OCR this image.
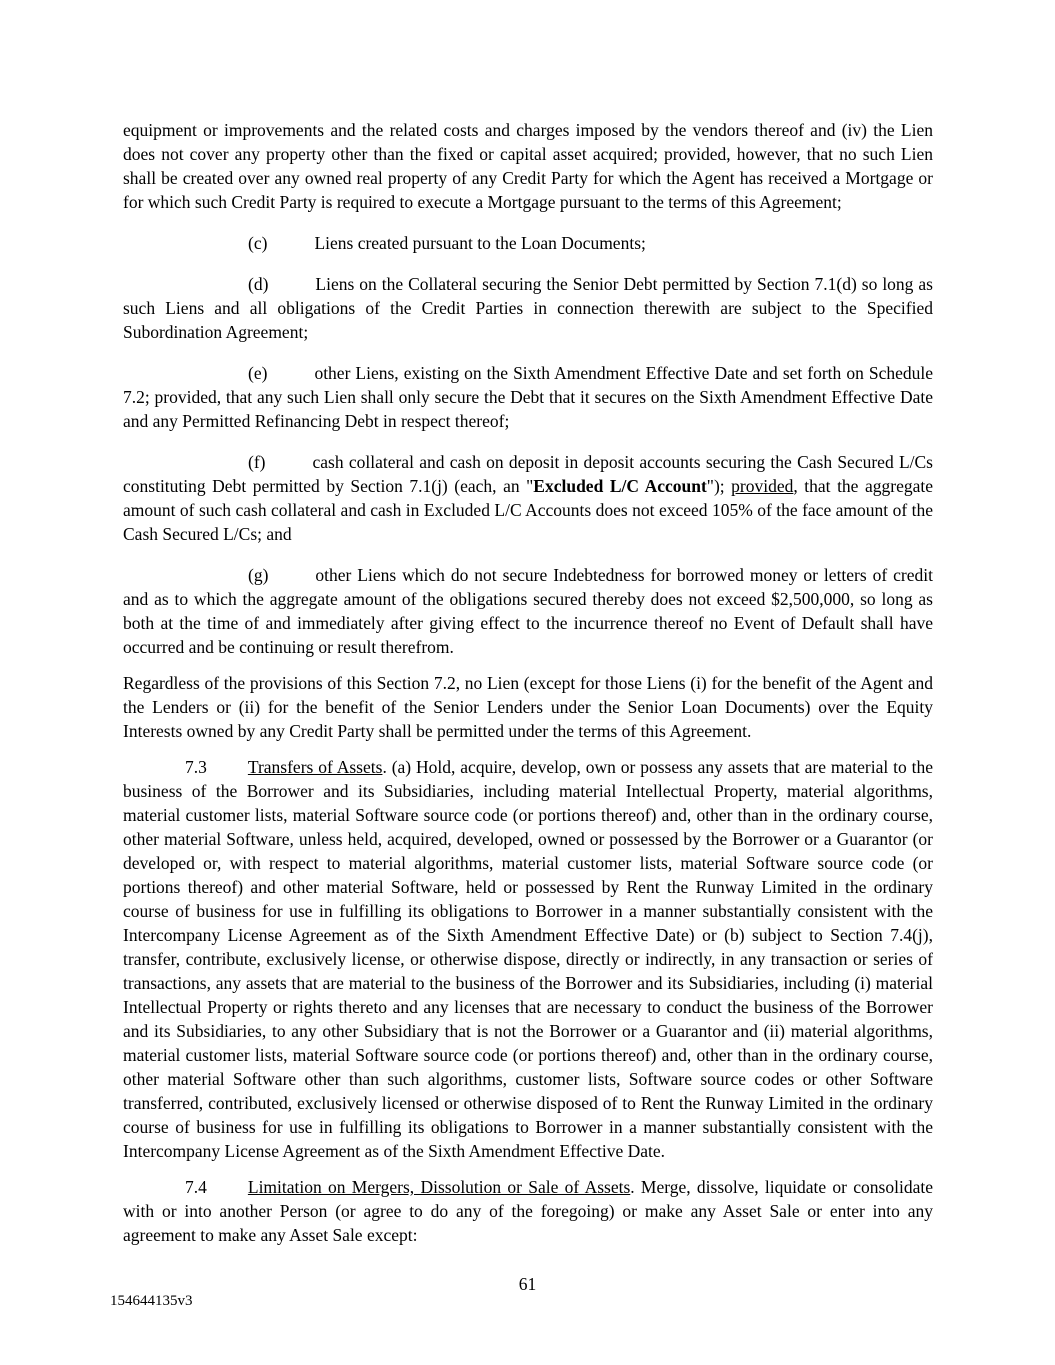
equipment or improvements and the related costs and charges imposed by the vendors thereof and (iv) the Lien does not cover any property other than the fixed or capital asset acquired; provided, however, that no such Lien shall be created over any owned real property of any Credit Party for which the Agent has received a Mortgage or for which such Credit Party is required to execute a Mortgage pursuant to the terms of this Agreement;

(c)	Liens created pursuant to the Loan Documents;

(d)	Liens on the Collateral securing the Senior Debt permitted by Section 7.1(d) so long as such Liens and all obligations of the Credit Parties in connection therewith are subject to the Specified Subordination Agreement;

(e)	other Liens, existing on the Sixth Amendment Effective Date and set forth on Schedule 7.2; provided, that any such Lien shall only secure the Debt that it secures on the Sixth Amendment Effective Date and any Permitted Refinancing Debt in respect thereof;

(f)	cash collateral and cash on deposit in deposit accounts securing the Cash Secured L/Cs constituting Debt permitted by Section 7.1(j) (each, an "Excluded L/C Account"); provided, that the aggregate amount of such cash collateral and cash in Excluded L/C Accounts does not exceed 105% of the face amount of the Cash Secured L/Cs; and

(g)	other Liens which do not secure Indebtedness for borrowed money or letters of credit and as to which the aggregate amount of the obligations secured thereby does not exceed $2,500,000, so long as both at the time of and immediately after giving effect to the incurrence thereof no Event of Default shall have occurred and be continuing or result therefrom.

Regardless of the provisions of this Section 7.2, no Lien (except for those Liens (i) for the benefit of the Agent and the Lenders or (ii) for the benefit of the Senior Lenders under the Senior Loan Documents) over the Equity Interests owned by any Credit Party shall be permitted under the terms of this Agreement.

7.3 Transfers of Assets. (a) Hold, acquire, develop, own or possess any assets that are material to the business of the Borrower and its Subsidiaries, including material Intellectual Property, material algorithms, material customer lists, material Software source code (or portions thereof) and, other than in the ordinary course, other material Software, unless held, acquired, developed, owned or possessed by the Borrower or a Guarantor (or developed or, with respect to material algorithms, material customer lists, material Software source code (or portions thereof) and other material Software, held or possessed by Rent the Runway Limited in the ordinary course of business for use in fulfilling its obligations to Borrower in a manner substantially consistent with the Intercompany License Agreement as of the Sixth Amendment Effective Date) or (b) subject to Section 7.4(j), transfer, contribute, exclusively license, or otherwise dispose, directly or indirectly, in any transaction or series of transactions, any assets that are material to the business of the Borrower and its Subsidiaries, including (i) material Intellectual Property or rights thereto and any licenses that are necessary to conduct the business of the Borrower and its Subsidiaries, to any other Subsidiary that is not the Borrower or a Guarantor and (ii) material algorithms, material customer lists, material Software source code (or portions thereof) and, other than in the ordinary course, other material Software other than such algorithms, customer lists, Software source codes or other Software transferred, contributed, exclusively licensed or otherwise disposed of to Rent the Runway Limited in the ordinary course of business for use in fulfilling its obligations to Borrower in a manner substantially consistent with the Intercompany License Agreement as of the Sixth Amendment Effective Date.

7.4 Limitation on Mergers, Dissolution or Sale of Assets. Merge, dissolve, liquidate or consolidate with or into another Person (or agree to do any of the foregoing) or make any Asset Sale or enter into any agreement to make any Asset Sale except:

61
154644135v3
